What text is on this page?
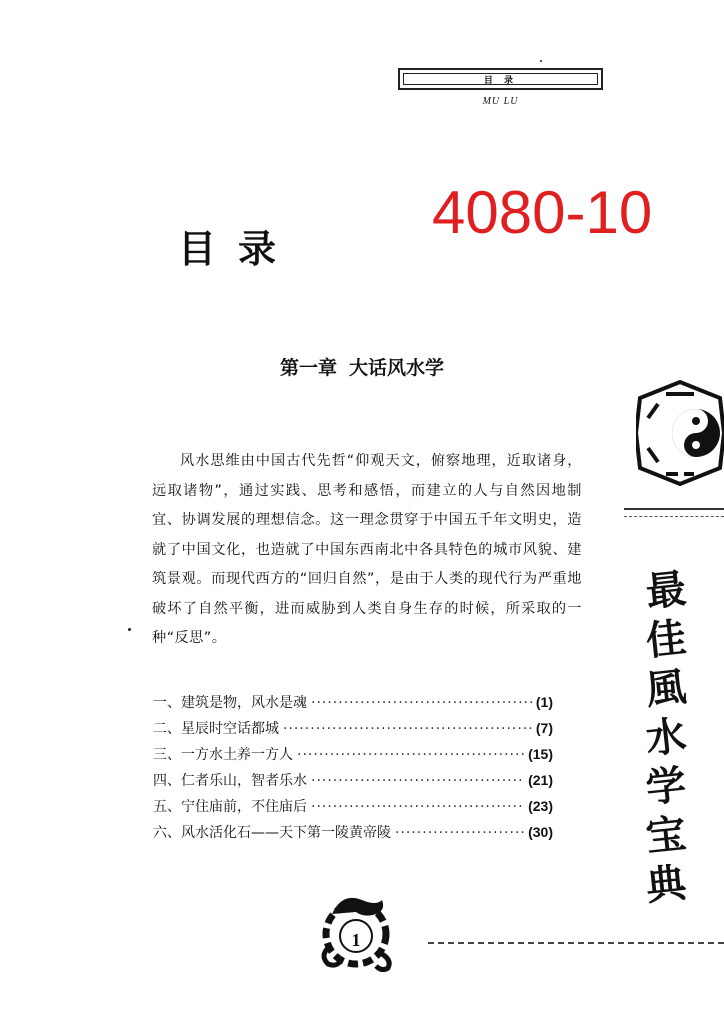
目 录
MU LU
4080-10
目录
第一章 大话风水学
风水思维由中国古代先哲“仰观天文，俯察地理，近取诸身，远取诸物”，通过实践、思考和感悟，而建立的人与自然因地制宜、协调发展的理想信念。这一理念贯穿于中国五千年文明史，造就了中国文化，也造就了中国东西南北中各具特色的城市风貌、建筑景观。而现代西方的“回归自然”，是由于人类的现代行为严重地破坏了自然平衡，进而威胁到人类自身生存的时候，所采取的一种“反思”。
一、建筑是物，风水是魂 ·····	(1)
二、星辰时空话都城 ·····	(7)
三、一方水土养一方人 ·····	(15)
四、仁者乐山，智者乐水 ·····	(21)
五、宁住庙前，不住庙后 ·····	(23)
六、风水活化石——天下第一陵黄帝陵 ·····	(30)
最
佳
風
水
学
宝
典
1
